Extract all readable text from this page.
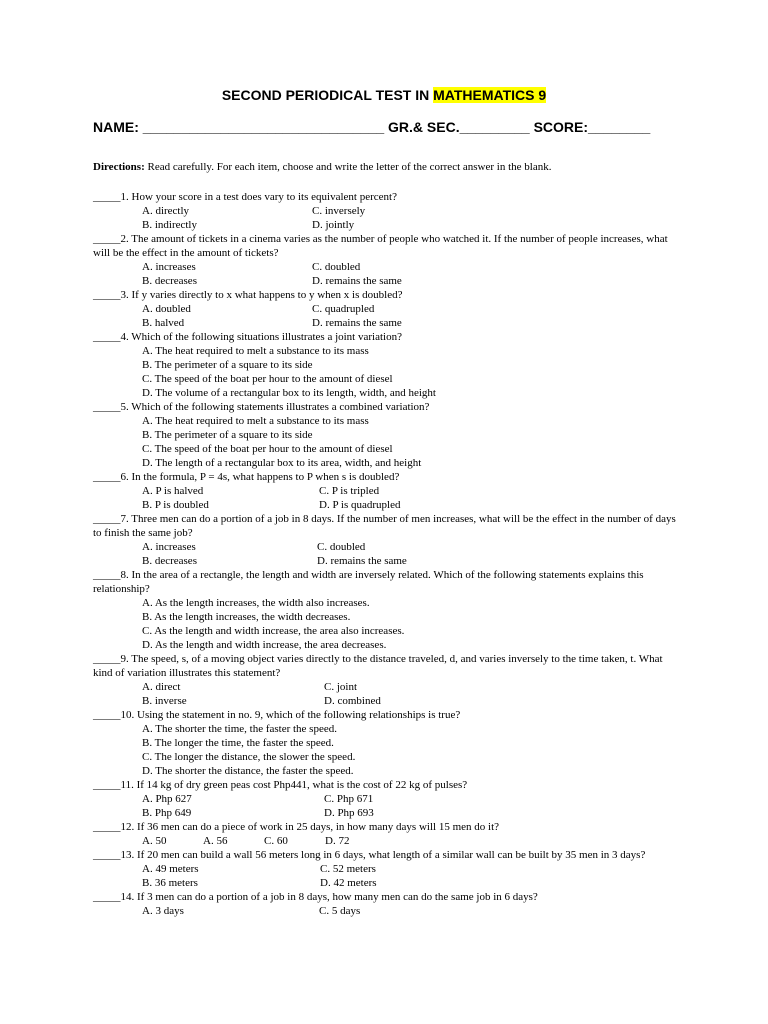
SECOND PERIODICAL TEST IN MATHEMATICS 9
NAME: _______________________________ GR.& SEC._________ SCORE:________
Directions: Read carefully. For each item, choose and write the letter of the correct answer in the blank.
_____1. How your score in a test does vary to its equivalent percent?
A. directly	C. inversely
B. indirectly	D. jointly
_____2. The amount of tickets in a cinema varies as the number of people who watched it. If the number of people increases, what will be the effect in the amount of tickets?
A. increases	C. doubled
B. decreases	D. remains the same
_____3. If y varies directly to x what happens to y when x is doubled?
A. doubled	C. quadrupled
B. halved	D. remains the same
_____4. Which of the following situations illustrates a joint variation?
A. The heat required to melt a substance to its mass
B. The perimeter of a square to its side
C. The speed of the boat per hour to the amount of diesel
D. The volume of a rectangular box to its length, width, and height
_____5. Which of the following statements illustrates a combined variation?
A. The heat required to melt a substance to its mass
B. The perimeter of a square to its side
C. The speed of the boat per hour to the amount of diesel
D. The length of a rectangular box to its area, width, and height
_____6. In the formula, P = 4s, what happens to P when s is doubled?
A. P is halved	C. P is tripled
B. P is doubled	D. P is quadrupled
_____7. Three men can do a portion of a job in 8 days. If the number of men increases, what will be the effect in the number of days to finish the same job?
A. increases	C. doubled
B. decreases	D. remains the same
_____8. In the area of a rectangle, the length and width are inversely related. Which of the following statements explains this relationship?
A. As the length increases, the width also increases.
B. As the length increases, the width decreases.
C. As the length and width increase, the area also increases.
D. As the length and width increase, the area decreases.
_____9. The speed, s, of a moving object varies directly to the distance traveled, d, and varies inversely to the time taken, t. What kind of variation illustrates this statement?
A. direct	C. joint
B. inverse	D. combined
_____10. Using the statement in no. 9, which of the following relationships is true?
A. The shorter the time, the faster the speed.
B. The longer the time, the faster the speed.
C. The longer the distance, the slower the speed.
D. The shorter the distance, the faster the speed.
_____11. If 14 kg of dry green peas cost Php441, what is the cost of 22 kg of pulses?
A. Php 627	C. Php 671
B. Php 649	D. Php 693
_____12. If 36 men can do a piece of work in 25 days, in how many days will 15 men do it?
A. 50	A. 56	C. 60	D. 72
_____13. If 20 men can build a wall 56 meters long in 6 days, what length of a similar wall can be built by 35 men in 3 days?
A. 49 meters	C. 52 meters
B. 36 meters	D. 42 meters
_____14. If 3 men can do a portion of a job in 8 days, how many men can do the same job in 6 days?
A. 3 days	C. 5 days
